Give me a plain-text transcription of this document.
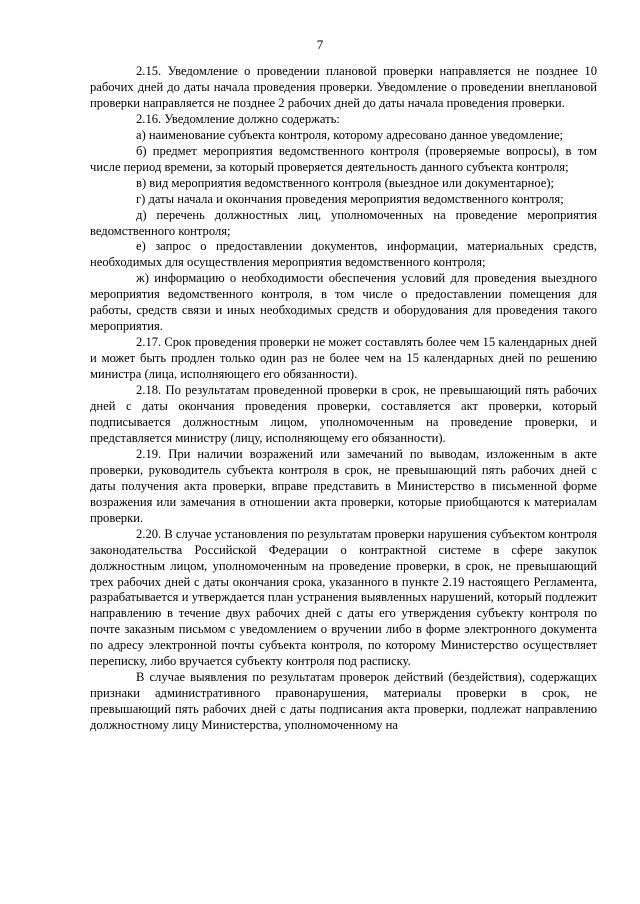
7

2.15. Уведомление о проведении плановой проверки направляется не позднее 10 рабочих дней до даты начала проведения проверки. Уведомление о проведении внеплановой проверки направляется не позднее 2 рабочих дней до даты начала проведения проверки.

2.16. Уведомление должно содержать:

а) наименование субъекта контроля, которому адресовано данное уведомление;

б) предмет мероприятия ведомственного контроля (проверяемые вопросы), в том числе период времени, за который проверяется деятельность данного субъекта контроля;

в) вид мероприятия ведомственного контроля (выездное или документарное);

г) даты начала и окончания проведения мероприятия ведомственного контроля;

д) перечень должностных лиц, уполномоченных на проведение мероприятия ведомственного контроля;

е) запрос о предоставлении документов, информации, материальных средств, необходимых для осуществления мероприятия ведомственного контроля;

ж) информацию о необходимости обеспечения условий для проведения выездного мероприятия ведомственного контроля, в том числе о предоставлении помещения для работы, средств связи и иных необходимых средств и оборудования для проведения такого мероприятия.

2.17. Срок проведения проверки не может составлять более чем 15 календарных дней и может быть продлен только один раз не более чем на 15 календарных дней по решению министра (лица, исполняющего его обязанности).

2.18. По результатам проведенной проверки в срок, не превышающий пять рабочих дней с даты окончания проведения проверки, составляется акт проверки, который подписывается должностным лицом, уполномоченным на проведение проверки, и представляется министру (лицу, исполняющему его обязанности).

2.19. При наличии возражений или замечаний по выводам, изложенным в акте проверки, руководитель субъекта контроля в срок, не превышающий пять рабочих дней с даты получения акта проверки, вправе представить в Министерство в письменной форме возражения или замечания в отношении акта проверки, которые приобщаются к материалам проверки.

2.20. В случае установления по результатам проверки нарушения субъектом контроля законодательства Российской Федерации о контрактной системе в сфере закупок должностным лицом, уполномоченным на проведение проверки, в срок, не превышающий трех рабочих дней с даты окончания срока, указанного в пункте 2.19 настоящего Регламента, разрабатывается и утверждается план устранения выявленных нарушений, который подлежит направлению в течение двух рабочих дней с даты его утверждения субъекту контроля по почте заказным письмом с уведомлением о вручении либо в форме электронного документа по адресу электронной почты субъекта контроля, по которому Министерство осуществляет переписку, либо вручается субъекту контроля под расписку.

В случае выявления по результатам проверок действий (бездействия), содержащих признаки административного правонарушения, материалы проверки в срок, не превышающий пять рабочих дней с даты подписания акта проверки, подлежат направлению должностному лицу Министерства, уполномоченному на
